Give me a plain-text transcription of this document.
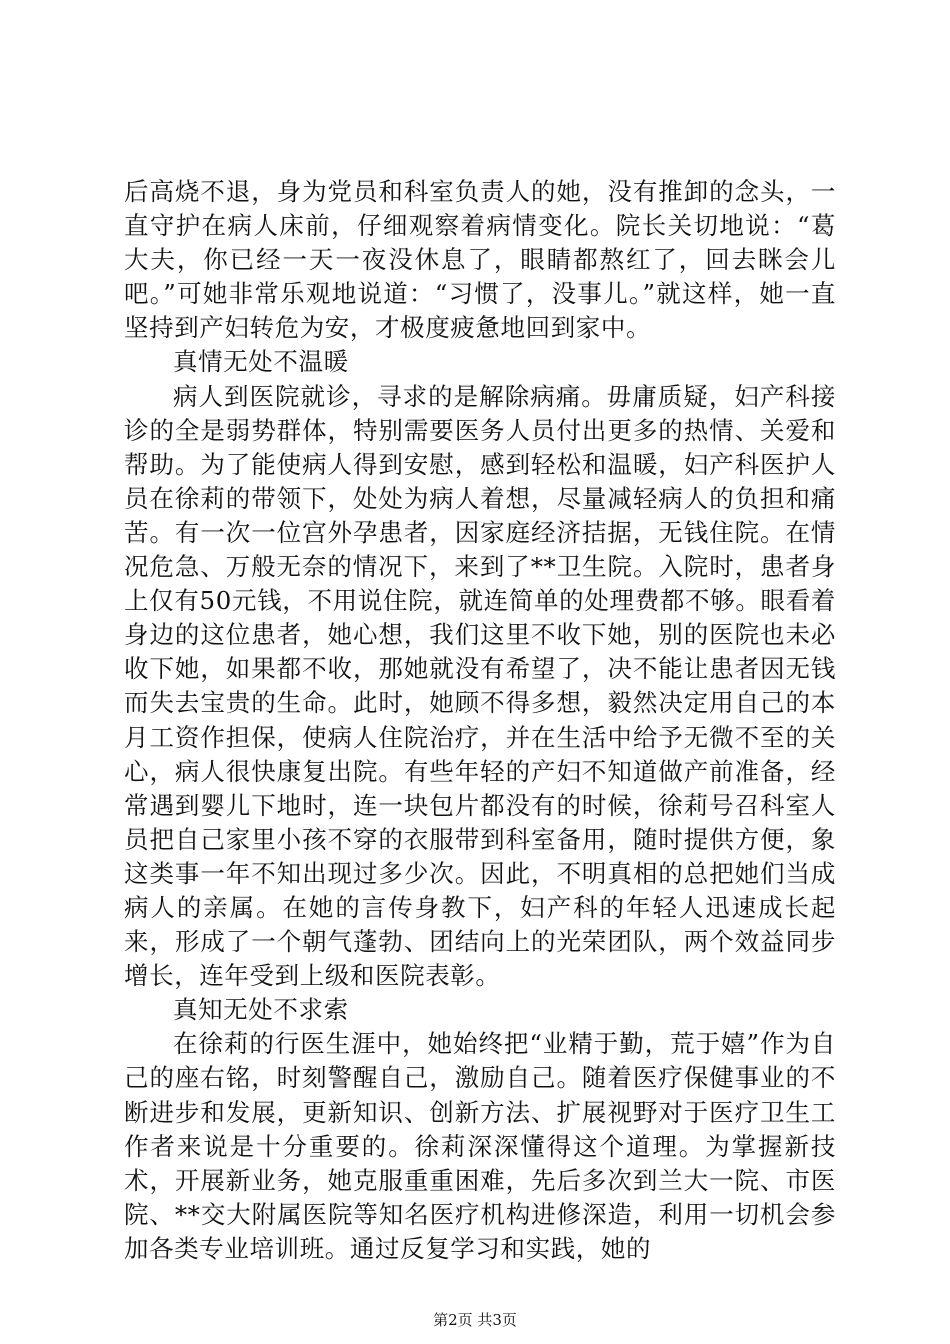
后高烧不退，身为党员和科室负责人的她，没有推卸的念头，一直守护在病人床前，仔细观察着病情变化。院长关切地说：“葛大夫，你已经一天一夜没休息了，眼睛都熬红了，回去眯会儿吧。”可她非常乐观地说道：“习惯了，没事儿。”就这样，她一直坚持到产妇转危为安，才极度疲惫地回到家中。

真情无处不温暖

病人到医院就诊，寻求的是解除病痛。毋庸质疑，妇产科接诊的全是弱势群体，特别需要医务人员付出更多的热情、关爱和帮助。为了能使病人得到安慰，感到轻松和温暖，妇产科医护人员在徐莉的带领下，处处为病人着想，尽量减轻病人的负担和痛苦。有一次一位宫外孕患者，因家庭经济拮据，无钱住院。在情况危急、万般无奈的情况下，来到了**卫生院。入院时，患者身上仅有50元钱，不用说住院，就连简单的处理费都不够。眼看着身边的这位患者，她心想，我们这里不收下她，别的医院也未必收下她，如果都不收，那她就没有希望了，决不能让患者因无钱而失去宝贵的生命。此时，她顾不得多想，毅然决定用自己的本月工资作担保，使病人住院治疗，并在生活中给予无微不至的关心，病人很快康复出院。有些年轻的产妇不知道做产前准备，经常遇到婴儿下地时，连一块包片都没有的时候，徐莉号召科室人员把自己家里小孩不穿的衣服带到科室备用，随时提供方便，象这类事一年不知出现过多少次。因此，不明真相的总把她们当成病人的亲属。在她的言传身教下，妇产科的年轻人迅速成长起来，形成了一个朝气蓬勃、团结向上的光荣团队，两个效益同步增长，连年受到上级和医院表彰。

真知无处不求索

在徐莉的行医生涯中，她始终把“业精于勤，荒于嬉”作为自己的座右铭，时刻警醒自己，激励自己。随着医疗保健事业的不断进步和发展，更新知识、创新方法、扩展视野对于医疗卫生工作者来说是十分重要的。徐莉深深懂得这个道理。为掌握新技术，开展新业务，她克服重重困难，先后多次到兰大一院、市医院、**交大附属医院等知名医疗机构进修深造，利用一切机会参加各类专业培训班。通过反复学习和实践，她的

第2页 共3页
